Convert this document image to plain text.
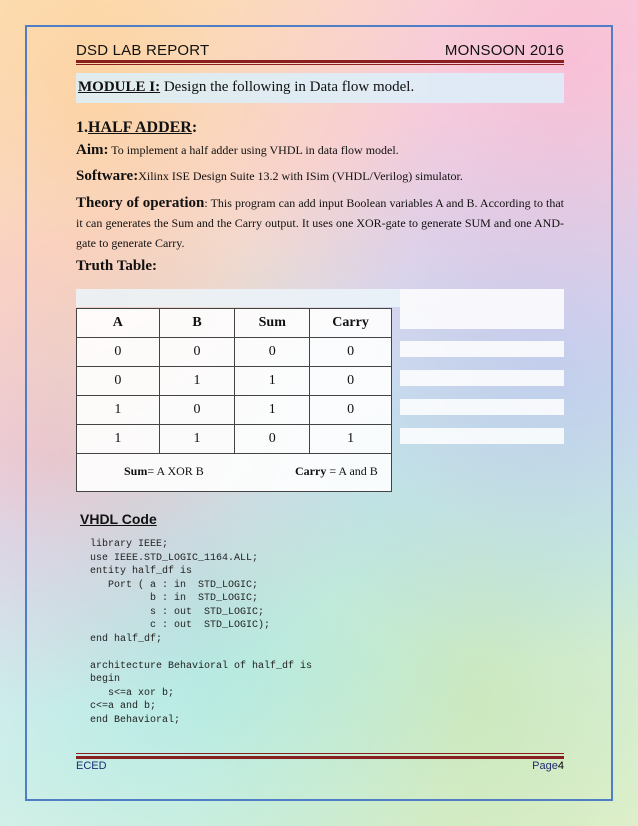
DSD LAB REPORT	MONSOON 2016
MODULE I: Design the following in Data flow model.
1.HALF ADDER:
Aim: To implement a half adder using VHDL in data flow model.
Software:Xilinx ISE Design Suite 13.2 with ISim (VHDL/Verilog) simulator.
Theory of operation: This program can add input Boolean variables A and B. According to that it can generates the Sum and the Carry output. It uses one XOR-gate to generate SUM and one AND-gate to generate Carry.
Truth Table:
A	B	Sum	Carry
0	0	0	0
0	1	1	0
1	0	1	0
1	1	0	1
Sum= A XOR B	Carry = A and B
VHDL Code
library IEEE;
use IEEE.STD_LOGIC_1164.ALL;
entity half_df is
Port ( a : in  STD_LOGIC;
b : in  STD_LOGIC;
s : out  STD_LOGIC;
c : out  STD_LOGIC);
end half_df;

architecture Behavioral of half_df is
begin
s<=a xor b;
c<=a and b;
end Behavioral;
ECED	Page4
